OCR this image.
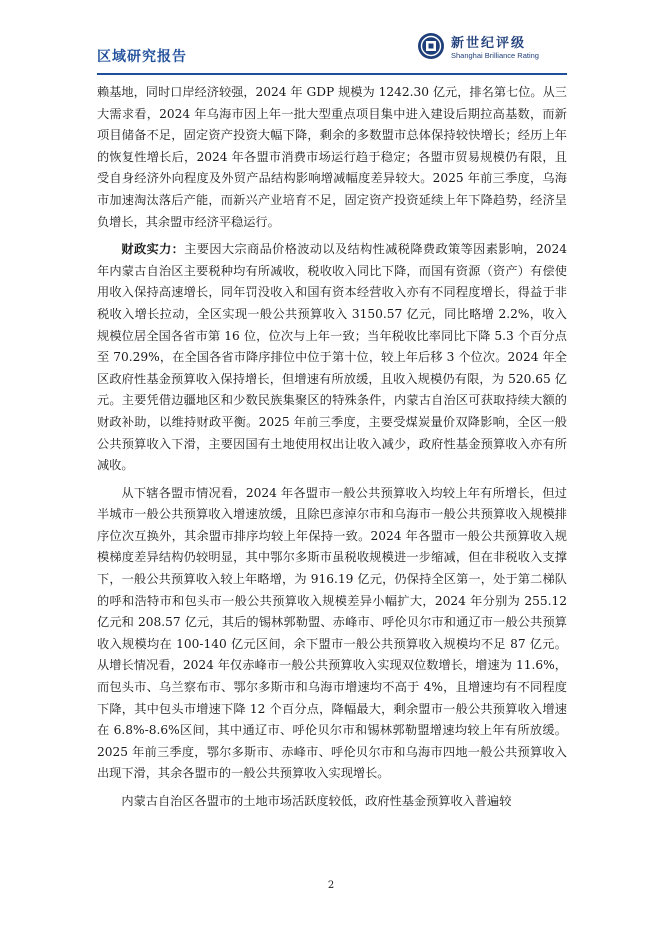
区域研究报告
新世纪评级
Shanghai Brilliance Rating

赖基地，同时口岸经济较强，2024 年 GDP 规模为 1242.30 亿元，排名第七位。从三大需求看，2024 年乌海市因上年一批大型重点项目集中进入建设后期拉高基数，而新项目储备不足，固定资产投资大幅下降，剩余的多数盟市总体保持较快增长；经历上年的恢复性增长后，2024 年各盟市消费市场运行趋于稳定；各盟市贸易规模仍有限，且受自身经济外向程度及外贸产品结构影响增减幅度差异较大。2025 年前三季度，乌海市加速淘汰落后产能，而新兴产业培育不足，固定资产投资延续上年下降趋势，经济呈负增长，其余盟市经济平稳运行。

财政实力：主要因大宗商品价格波动以及结构性减税降费政策等因素影响，2024 年内蒙古自治区主要税种均有所减收，税收收入同比下降，而国有资源（资产）有偿使用收入保持高速增长，同年罚没收入和国有资本经营收入亦有不同程度增长，得益于非税收入增长拉动，全区实现一般公共预算收入 3150.57 亿元，同比略增 2.2%，收入规模位居全国各省市第 16 位，位次与上年一致；当年税收比率同比下降 5.3 个百分点至 70.29%，在全国各省市降序排位中位于第十位，较上年后移 3 个位次。2024 年全区政府性基金预算收入保持增长，但增速有所放缓，且收入规模仍有限，为 520.65 亿元。主要凭借边疆地区和少数民族集聚区的特殊条件，内蒙古自治区可获取持续大额的财政补助，以维持财政平衡。2025 年前三季度，主要受煤炭量价双降影响，全区一般公共预算收入下滑，主要因国有土地使用权出让收入减少，政府性基金预算收入亦有所减收。

从下辖各盟市情况看，2024 年各盟市一般公共预算收入均较上年有所增长，但过半城市一般公共预算收入增速放缓，且除巴彦淖尔市和乌海市一般公共预算收入规模排序位次互换外，其余盟市排序均较上年保持一致。2024 年各盟市一般公共预算收入规模梯度差异结构仍较明显，其中鄂尔多斯市虽税收规模进一步缩减，但在非税收入支撑下，一般公共预算收入较上年略增，为 916.19 亿元，仍保持全区第一，处于第二梯队的呼和浩特市和包头市一般公共预算收入规模差异小幅扩大，2024 年分别为 255.12 亿元和 208.57 亿元，其后的锡林郭勒盟、赤峰市、呼伦贝尔市和通辽市一般公共预算收入规模均在 100-140 亿元区间，余下盟市一般公共预算收入规模均不足 87 亿元。从增长情况看，2024 年仅赤峰市一般公共预算收入实现双位数增长，增速为 11.6%，而包头市、乌兰察布市、鄂尔多斯市和乌海市增速均不高于 4%，且增速均有不同程度下降，其中包头市增速下降 12 个百分点，降幅最大，剩余盟市一般公共预算收入增速在 6.8%-8.6%区间，其中通辽市、呼伦贝尔市和锡林郭勒盟增速均较上年有所放缓。2025 年前三季度，鄂尔多斯市、赤峰市、呼伦贝尔市和乌海市四地一般公共预算收入出现下滑，其余各盟市的一般公共预算收入实现增长。

内蒙古自治区各盟市的土地市场活跃度较低，政府性基金预算收入普遍较

2
